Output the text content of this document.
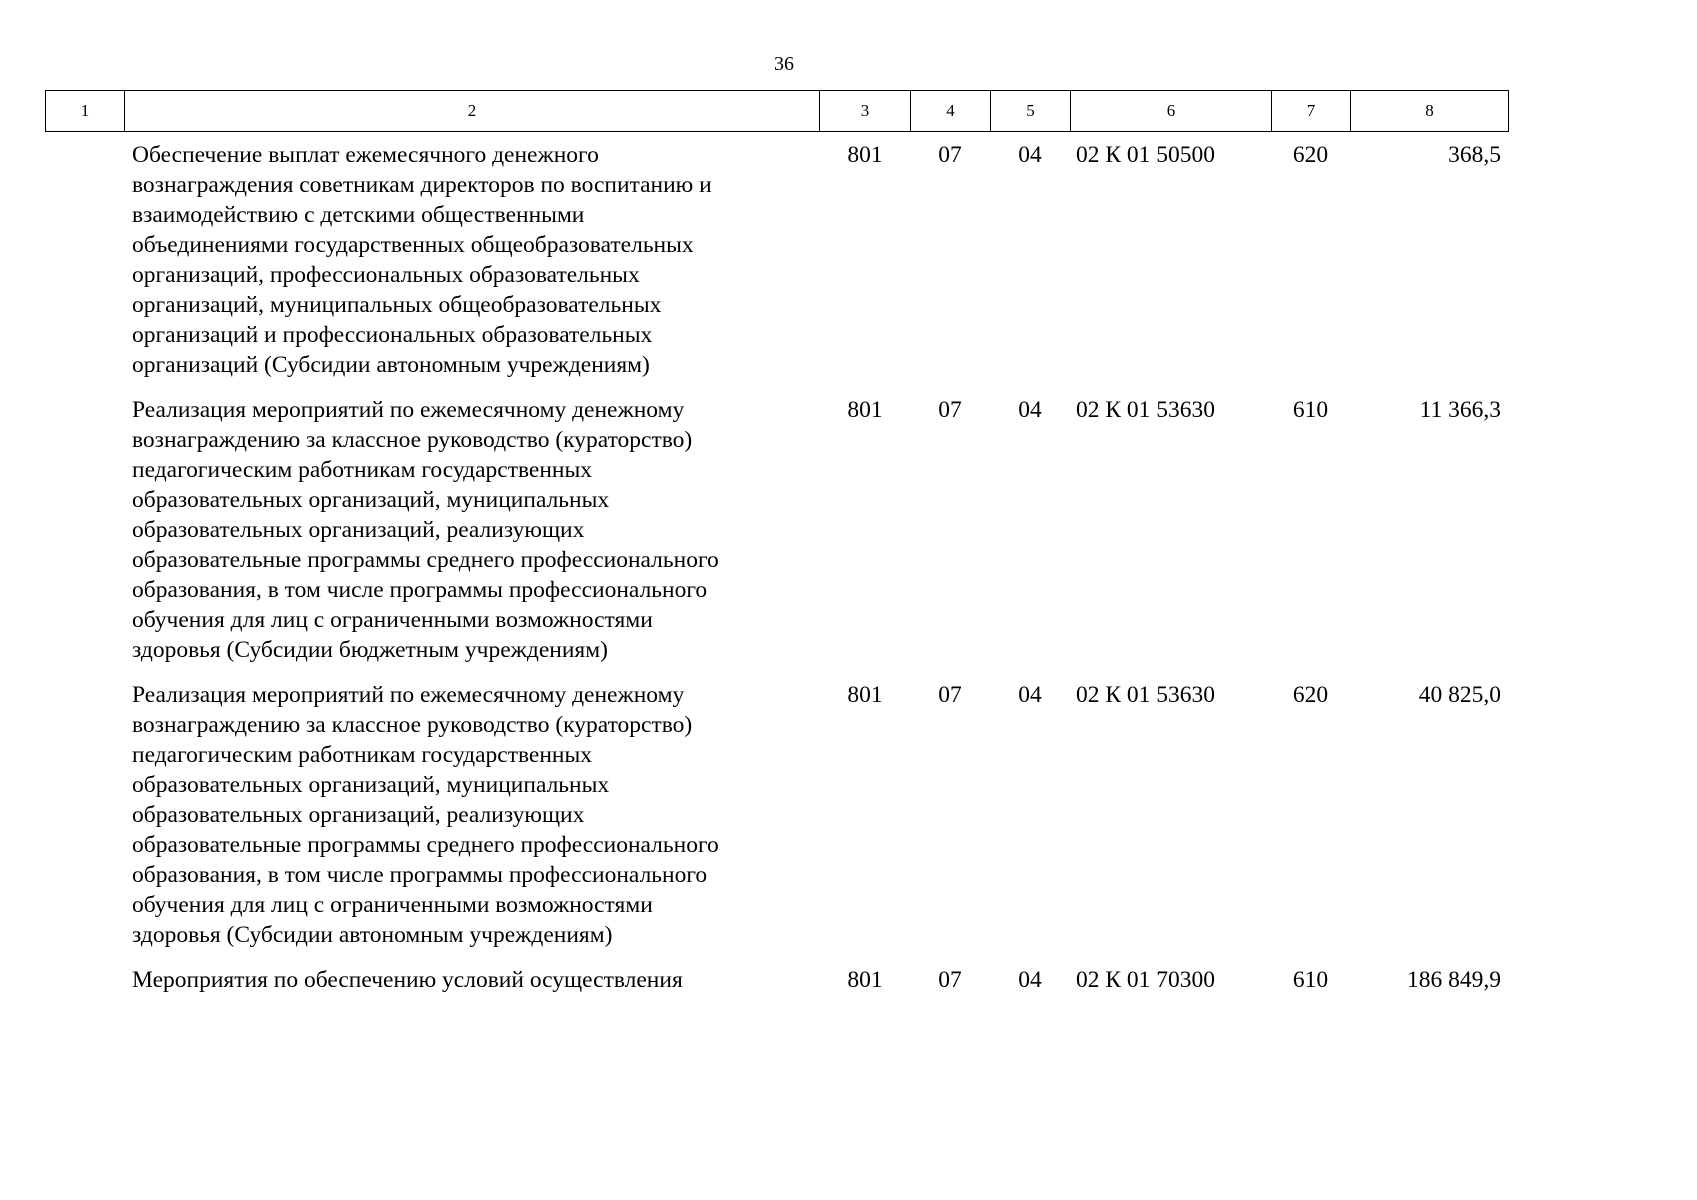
36
1	2	3	4	5	6	7	8
Обеспечение выплат ежемесячного денежного
вознаграждения советникам директоров по воспитанию и
взаимодействию с детскими общественными
объединениями государственных общеобразовательных
организаций, профессиональных образовательных
организаций, муниципальных общеобразовательных
организаций и профессиональных образовательных
организаций (Субсидии автономным учреждениям)
801	07	04	02 К 01 50500	620	368,5
Реализация мероприятий по ежемесячному денежному
вознаграждению за классное руководство (кураторство)
педагогическим работникам государственных
образовательных организаций, муниципальных
образовательных организаций, реализующих
образовательные программы среднего профессионального
образования, в том числе программы профессионального
обучения для лиц с ограниченными возможностями
здоровья (Субсидии бюджетным учреждениям)
801	07	04	02 К 01 53630	610	11 366,3
Реализация мероприятий по ежемесячному денежному
вознаграждению за классное руководство (кураторство)
педагогическим работникам государственных
образовательных организаций, муниципальных
образовательных организаций, реализующих
образовательные программы среднего профессионального
образования, в том числе программы профессионального
обучения для лиц с ограниченными возможностями
здоровья (Субсидии автономным учреждениям)
801	07	04	02 К 01 53630	620	40 825,0
Мероприятия по обеспечению условий осуществления	801	07	04	02 К 01 70300	610	186 849,9
